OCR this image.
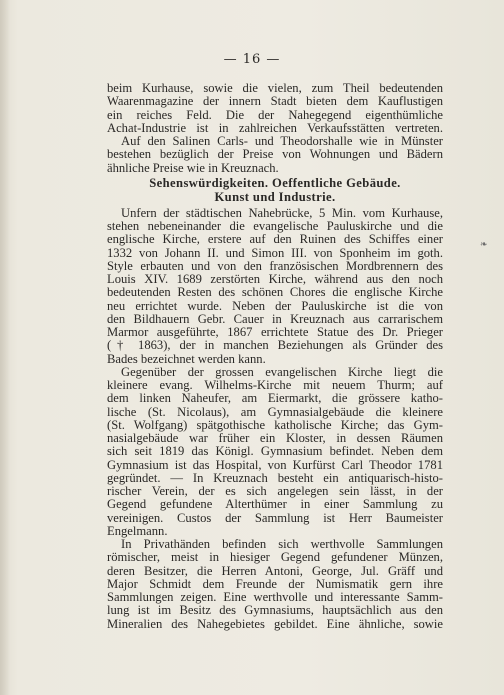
— 16 —
beim Kurhause, sowie die vielen, zum Theil bedeutenden
Waarenmagazine der innern Stadt bieten dem Kauflustigen
ein reiches Feld. Die der Nahegegend eigenthümliche
Achat-Industrie ist in zahlreichen Verkaufsstätten vertreten.
Auf den Salinen Carls- und Theodorshalle wie in Münster
bestehen bezüglich der Preise von Wohnungen und Bädern
ähnliche Preise wie in Kreuznach.
Sehenswürdigkeiten. Oeffentliche Gebäude.
Kunst und Industrie.
Unfern der städtischen Nahebrücke, 5 Min. vom Kurhause,
stehen nebeneinander die evangelische Pauluskirche und die
englische Kirche, erstere auf den Ruinen des Schiffes einer
1332 von Johann II. und Simon III. von Sponheim im goth.
Style erbauten und von den französischen Mordbrennern des
Louis XIV. 1689 zerstörten Kirche, während aus den noch
bedeutenden Resten des schönen Chores die englische Kirche
neu errichtet wurde. Neben der Pauluskirche ist die von
den Bildhauern Gebr. Cauer in Kreuznach aus carrarischem
Marmor ausgeführte, 1867 errichtete Statue des Dr. Prieger
(† 1863), der in manchen Beziehungen als Gründer des
Bades bezeichnet werden kann.
Gegenüber der grossen evangelischen Kirche liegt die
kleinere evang. Wilhelms-Kirche mit neuem Thurm; auf
dem linken Naheufer, am Eiermarkt, die grössere katho-
lische (St. Nicolaus), am Gymnasialgebäude die kleinere
(St. Wolfgang) spätgothische katholische Kirche; das Gym-
nasialgebäude war früher ein Kloster, in dessen Räumen
sich seit 1819 das Königl. Gymnasium befindet. Neben dem
Gymnasium ist das Hospital, von Kurfürst Carl Theodor 1781
gegründet. — In Kreuznach besteht ein antiquarisch-histo-
rischer Verein, der es sich angelegen sein lässt, in der
Gegend gefundene Alterthümer in einer Sammlung zu
vereinigen. Custos der Sammlung ist Herr Baumeister
Engelmann.
In Privathänden befinden sich werthvolle Sammlungen
römischer, meist in hiesiger Gegend gefundener Münzen,
deren Besitzer, die Herren Antoni, George, Jul. Gräff und
Major Schmidt dem Freunde der Numismatik gern ihre
Sammlungen zeigen. Eine werthvolle und interessante Samm-
lung ist im Besitz des Gymnasiums, hauptsächlich aus den
Mineralien des Nahegebietes gebildet. Eine ähnliche, sowie
❧
